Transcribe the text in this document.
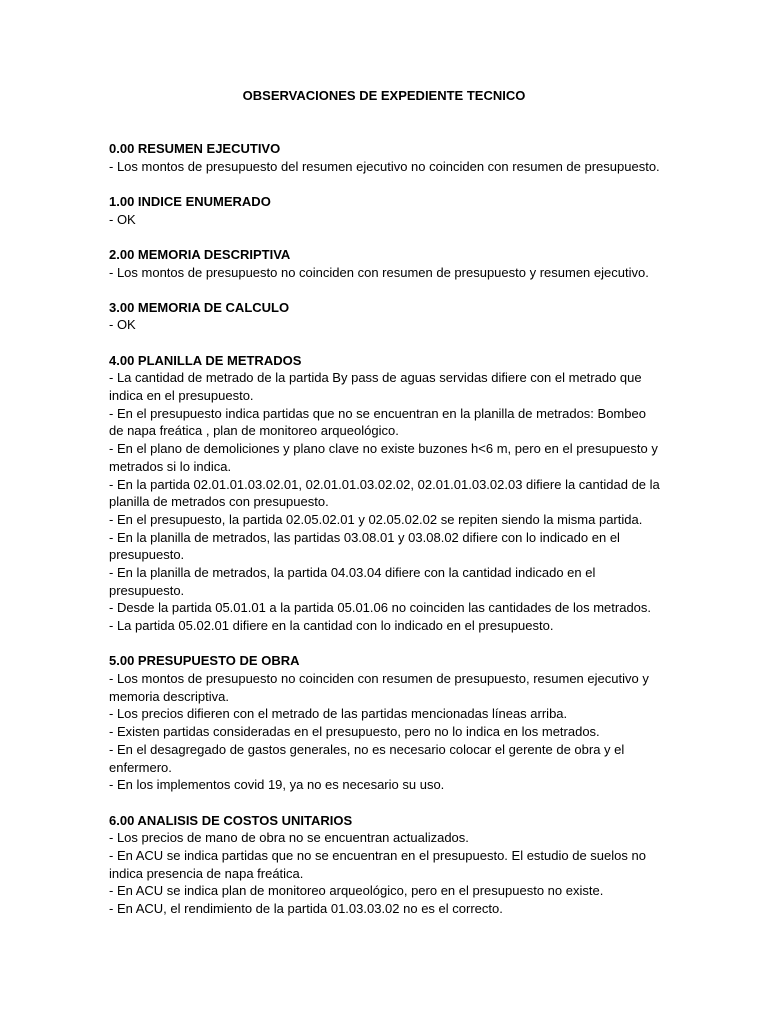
OBSERVACIONES DE EXPEDIENTE TECNICO
0.00 RESUMEN EJECUTIVO
- Los montos de presupuesto del resumen ejecutivo no coinciden con resumen de presupuesto.
1.00 INDICE ENUMERADO
- OK
2.00 MEMORIA DESCRIPTIVA
- Los montos de presupuesto no coinciden con resumen de presupuesto y resumen ejecutivo.
3.00 MEMORIA DE CALCULO
- OK
4.00 PLANILLA DE METRADOS
- La cantidad de metrado de la partida By pass de aguas servidas difiere con el metrado que
indica en el presupuesto.
- En el presupuesto indica partidas que no se encuentran en la planilla de metrados: Bombeo
de napa freática , plan de monitoreo arqueológico.
- En el plano de demoliciones y plano clave no existe buzones h<6 m, pero en el presupuesto y
metrados si lo indica.
- En la partida 02.01.01.03.02.01, 02.01.01.03.02.02, 02.01.01.03.02.03 difiere la cantidad de la
planilla de metrados con presupuesto.
- En el presupuesto, la partida 02.05.02.01 y 02.05.02.02 se repiten siendo la misma partida.
- En la planilla de metrados, las partidas 03.08.01 y 03.08.02 difiere con lo indicado en el
presupuesto.
- En la planilla de metrados, la partida 04.03.04 difiere con la cantidad indicado en el
presupuesto.
- Desde la partida 05.01.01 a la partida 05.01.06 no coinciden las cantidades de los metrados.
- La partida 05.02.01 difiere en la cantidad con lo indicado en el presupuesto.
5.00 PRESUPUESTO DE OBRA
- Los montos de presupuesto no coinciden con resumen de presupuesto, resumen ejecutivo y
memoria descriptiva.
- Los precios difieren con el metrado de las partidas mencionadas líneas arriba.
- Existen partidas consideradas en el presupuesto, pero no lo indica en los metrados.
- En el desagregado de gastos generales, no es necesario colocar el gerente de obra y el
enfermero.
- En los implementos covid 19, ya no es necesario su uso.
6.00 ANALISIS DE COSTOS UNITARIOS
- Los precios de mano de obra no se encuentran actualizados.
- En ACU se indica partidas que no se encuentran en el presupuesto. El estudio de suelos no
indica presencia de napa freática.
- En ACU se indica plan de monitoreo arqueológico, pero en el presupuesto no existe.
- En ACU, el rendimiento de la partida 01.03.03.02 no es el correcto.
